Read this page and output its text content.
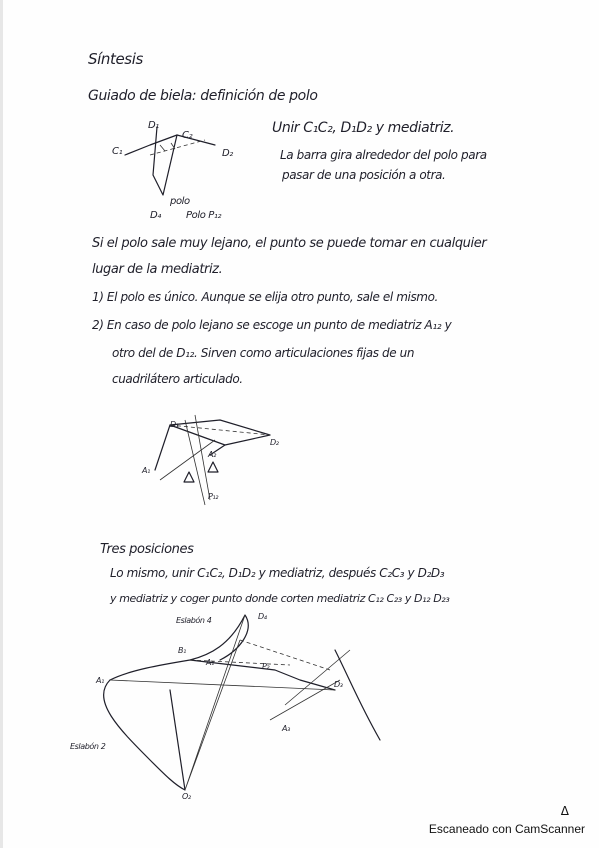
Síntesis
Guiado de biela: definición de polo
D₁
C₁
C₂
D₂
D₄
polo
Polo P₁₂
Unir C₁C₂, D₁D₂ y mediatriz.
La barra gira alrededor del polo para
pasar de una posición a otra.
Si el polo sale muy lejano, el punto se puede tomar en cualquier
lugar de la mediatriz.
1) El polo es único. Aunque se elija otro punto, sale el mismo.
2) En caso de polo lejano se escoge un punto de mediatriz A₁₂ y
otro del de D₁₂. Sirven como articulaciones fijas de un
cuadrilátero articulado.
D₁
D₂
A₁
A₂
P₁₂
Tres posiciones
Lo mismo, unir C₁C₂, D₁D₂ y mediatriz, después C₂C₃ y D₂D₃
y mediatriz y coger punto donde corten mediatriz C₁₂ C₂₃ y D₁₂ D₂₃
Eslabón 4	D₄
B₁
A₁
A₁
P₂
D₃
A₃
Eslabón 2
O₂
Δ
Escaneado con CamScanner
